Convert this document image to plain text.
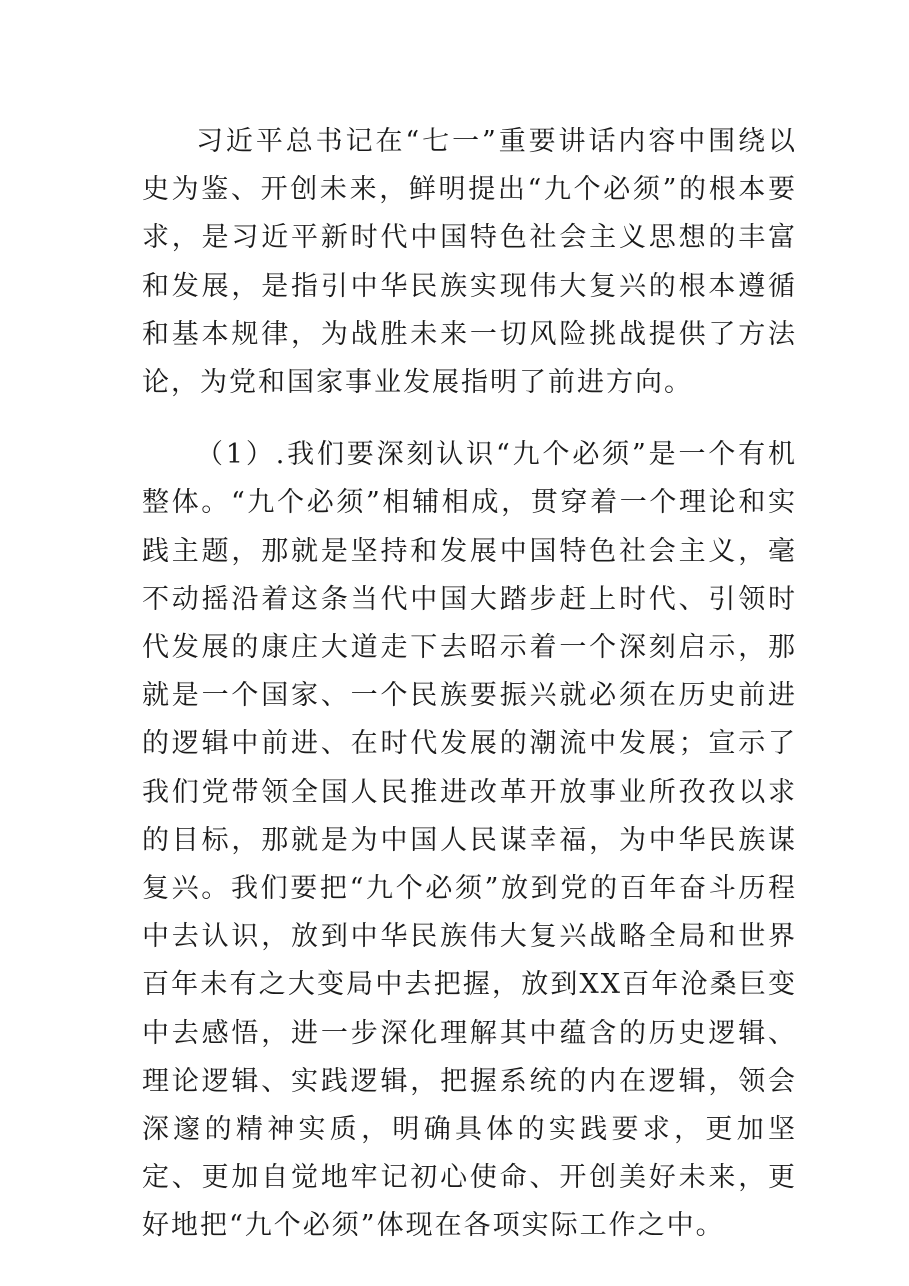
习近平总书记在“七一”重要讲话内容中围绕以史为鉴、开创未来，鲜明提出“九个必须”的根本要求，是习近平新时代中国特色社会主义思想的丰富和发展，是指引中华民族实现伟大复兴的根本遵循和基本规律，为战胜未来一切风险挑战提供了方法论，为党和国家事业发展指明了前进方向。

（1）.我们要深刻认识“九个必须”是一个有机整体。“九个必须”相辅相成，贯穿着一个理论和实践主题，那就是坚持和发展中国特色社会主义，毫不动摇沿着这条当代中国大踏步赶上时代、引领时代发展的康庄大道走下去昭示着一个深刻启示，那就是一个国家、一个民族要振兴就必须在历史前进的逻辑中前进、在时代发展的潮流中发展；宣示了我们党带领全国人民推进改革开放事业所孜孜以求的目标，那就是为中国人民谋幸福，为中华民族谋复兴。我们要把“九个必须”放到党的百年奋斗历程中去认识，放到中华民族伟大复兴战略全局和世界百年未有之大变局中去把握，放到XX百年沧桑巨变中去感悟，进一步深化理解其中蕴含的历史逻辑、理论逻辑、实践逻辑，把握系统的内在逻辑，领会深邃的精神实质，明确具体的实践要求，更加坚定、更加自觉地牢记初心使命、开创美好未来，更好地把“九个必须”体现在各项实际工作之中。
